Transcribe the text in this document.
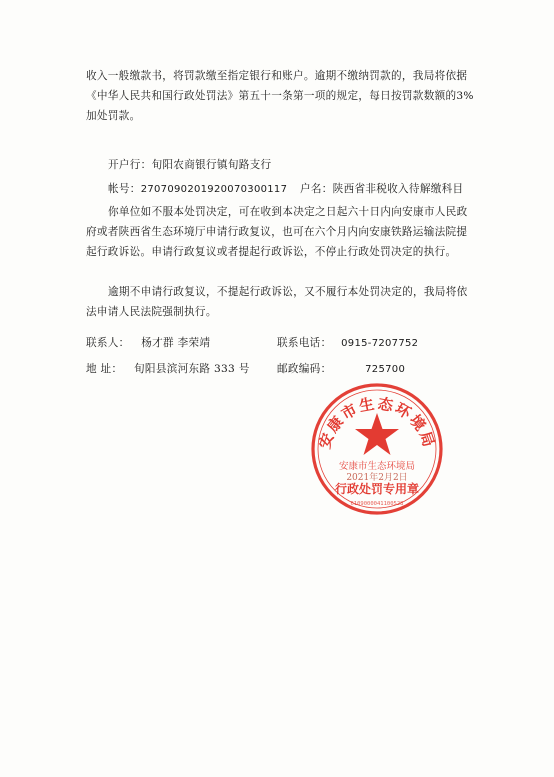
收入一般缴款书，将罚款缴至指定银行和账户。逾期不缴纳罚款的，我局将依据《中华人民共和国行政处罚法》第五十一条第一项的规定，每日按罚款数额的3%加处罚款。

开户行：旬阳农商银行镇旬路支行
帐号：2707090201920070300117 户名：陕西省非税收入待解缴科目

你单位如不服本处罚决定，可在收到本决定之日起六十日内向安康市人民政府或者陕西省生态环境厅申请行政复议，也可在六个月内向安康铁路运输法院提起行政诉讼。申请行政复议或者提起行政诉讼，不停止行政处罚决定的执行。

逾期不申请行政复议，不提起行政诉讼，又不履行本处罚决定的，我局将依法申请人民法院强制执行。

联系人： 杨才群 李荣靖	联系电话： 0915-7207752
地 址： 旬阳县滨河东路 333 号	邮政编码：	725700
安康市生态环境局
安康市生态环境局
2021年2月2日
行政处罚专用章
6109000041100528
